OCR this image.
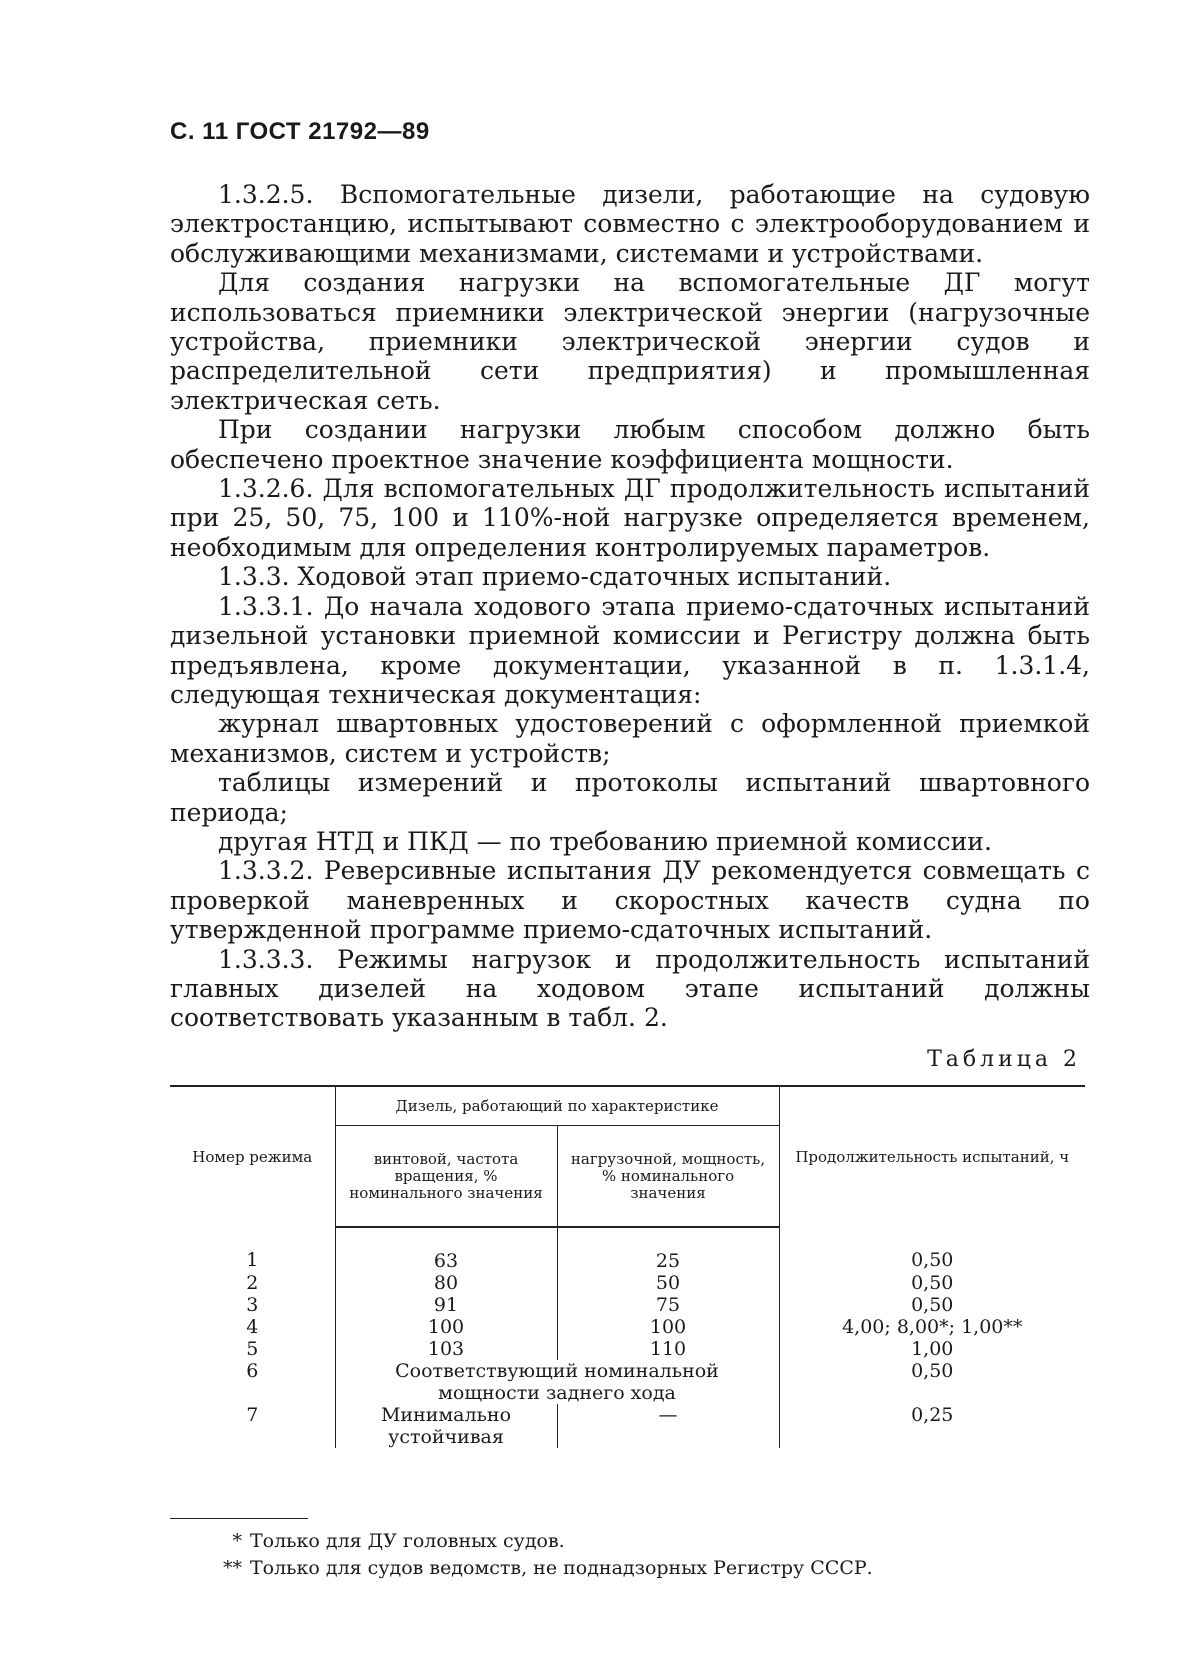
С. 11 ГОСТ 21792—89

1.3.2.5. Вспомогательные дизели, работающие на судовую электростанцию, испытывают совместно с электрооборудованием и обслуживающими механизмами, системами и устройствами.

Для создания нагрузки на вспомогательные ДГ могут использоваться приемники электрической энергии (нагрузочные устройства, приемники электрической энергии судов и распределительной сети предприятия) и промышленная электрическая сеть.

При создании нагрузки любым способом должно быть обеспечено проектное значение коэффициента мощности.

1.3.2.6. Для вспомогательных ДГ продолжительность испытаний при 25, 50, 75, 100 и 110%-ной нагрузке определяется временем, необходимым для определения контролируемых параметров.

1.3.3. Ходовой этап приемо-сдаточных испытаний.

1.3.3.1. До начала ходового этапа приемо-сдаточных испытаний дизельной установки приемной комиссии и Регистру должна быть предъявлена, кроме документации, указанной в п. 1.3.1.4, следующая техническая документация:

журнал швартовных удостоверений с оформленной приемкой механизмов, систем и устройств;

таблицы измерений и протоколы испытаний швартовного периода;

другая НТД и ПКД — по требованию приемной комиссии.

1.3.3.2. Реверсивные испытания ДУ рекомендуется совмещать с проверкой маневренных и скоростных качеств судна по утвержденной программе приемо-сдаточных испытаний.

1.3.3.3. Режимы нагрузок и продолжительность испытаний главных дизелей на ходовом этапе испытаний должны соответствовать указанным в табл. 2.

Таблица 2
Номер режима	Дизель, работающий по характеристике		Продолжительность испытаний, ч
	винтовой, частота вращения, % номинального значения	нагрузочной, мощность, % номинального значения	
1	63	25	0,50
2	80	50	0,50
3	91	75	0,50
4	100	100	4,00; 8,00*; 1,00**
5	103	110	1,00
6	Соответствующий номинальной мощности заднего хода		0,50
7	Минимально устойчивая	—	0,25
* Только для ДУ головных судов.
** Только для судов ведомств, не поднадзорных Регистру СССР.
